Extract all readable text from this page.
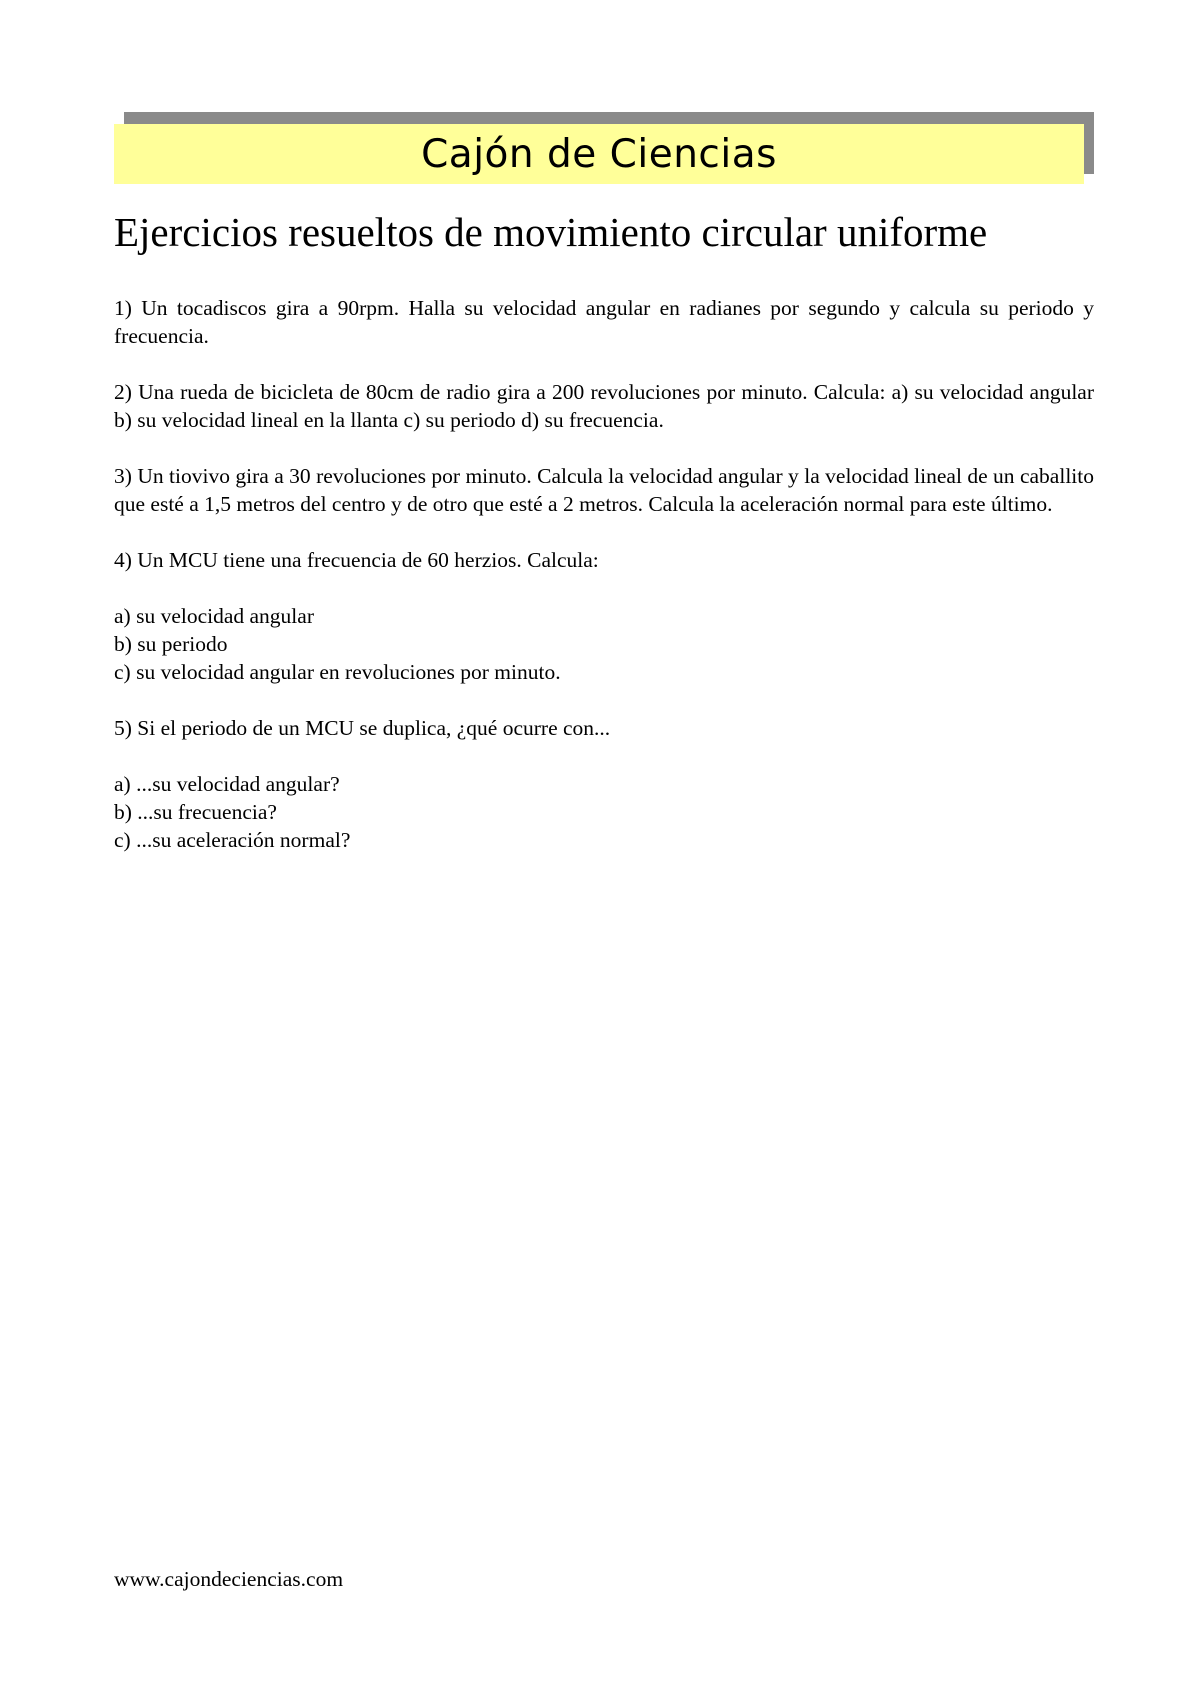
Cajón de Ciencias
Ejercicios resueltos de movimiento circular uniforme

1) Un tocadiscos gira a 90rpm. Halla su velocidad angular en radianes por segundo y calcula su periodo y frecuencia.

2) Una rueda de bicicleta de 80cm de radio gira a 200 revoluciones por minuto. Calcula: a) su velocidad angular b) su velocidad lineal en la llanta c) su periodo d) su frecuencia.

3) Un tiovivo gira a 30 revoluciones por minuto. Calcula la velocidad angular y la velocidad lineal de un caballito que esté a 1,5 metros del centro y de otro que esté a 2 metros. Calcula la aceleración normal para este último.

4) Un MCU tiene una frecuencia de 60 herzios. Calcula:

a) su velocidad angular
b) su periodo
c) su velocidad angular en revoluciones por minuto.

5) Si el periodo de un MCU se duplica, ¿qué ocurre con...

a) ...su velocidad angular?
b) ...su frecuencia?
c) ...su aceleración normal?
www.cajondeciencias.com
